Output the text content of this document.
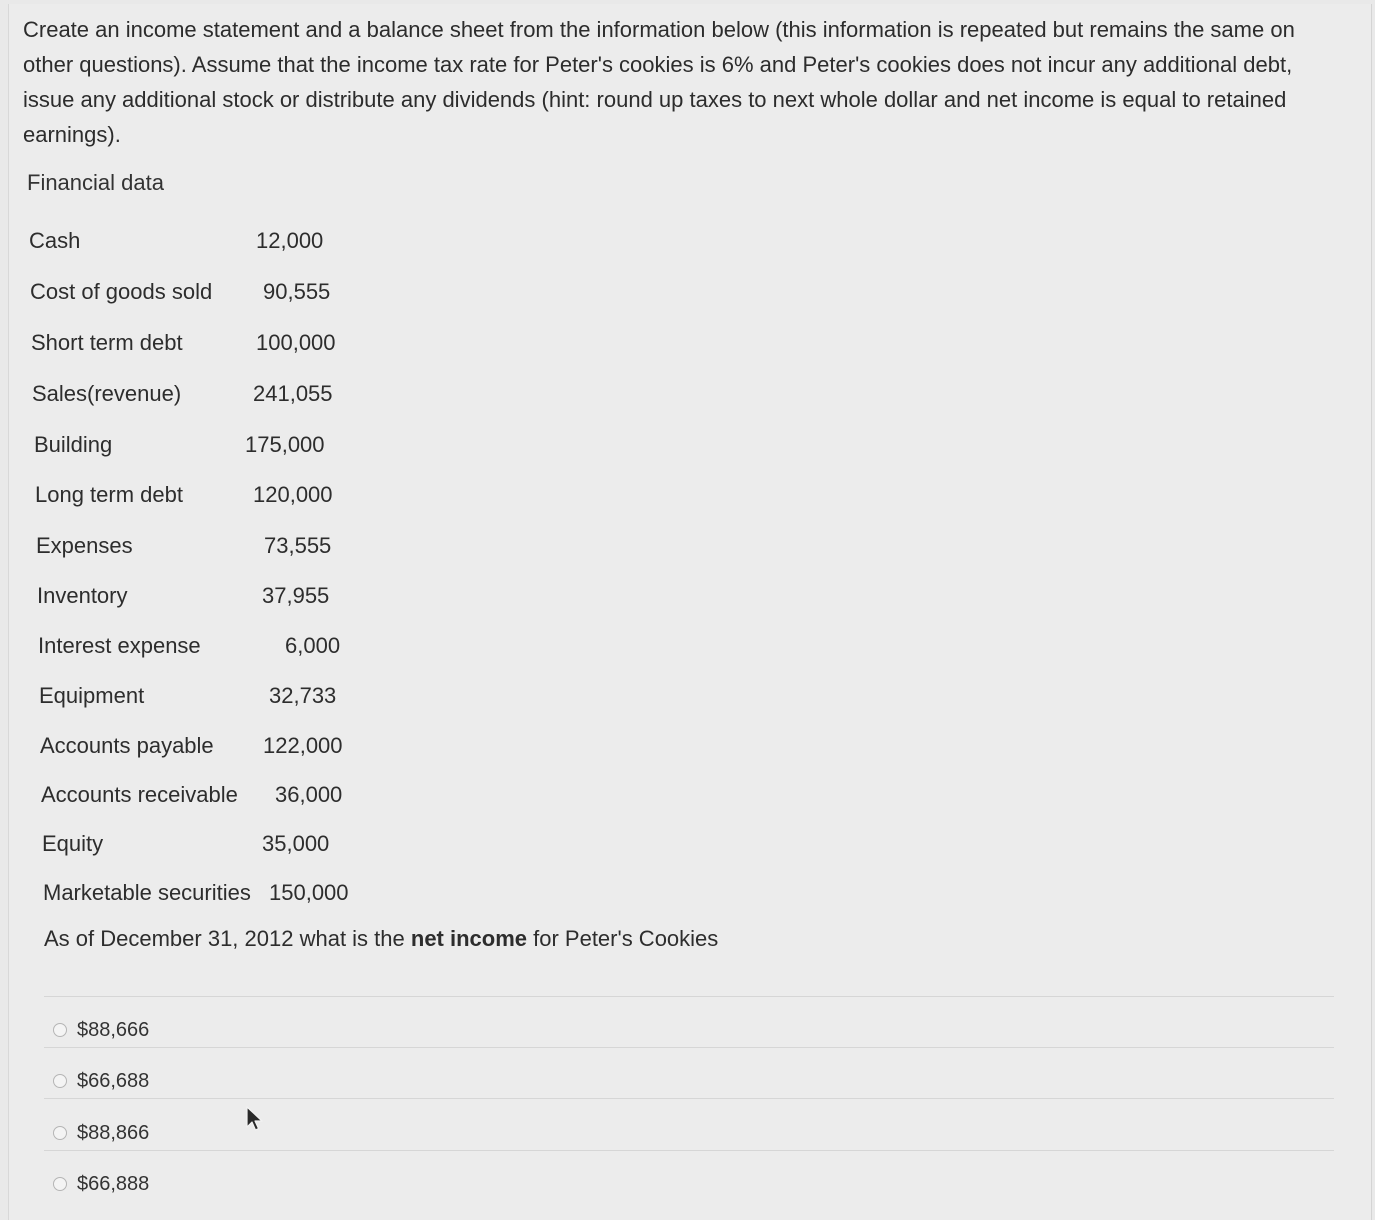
Create an income statement and a balance sheet from the information below (this information is repeated but remains the same on other questions). Assume that the income tax rate for Peter's cookies is 6% and Peter's cookies does not incur any additional debt, issue any additional stock or distribute any dividends (hint: round up taxes to next whole dollar and net income is equal to retained earnings).
Financial data
Cash	12,000
Cost of goods sold 90,555
Short term debt	100,000
Sales(revenue)	241,055
Building	175,000
Long term debt	120,000
Expenses	73,555
Inventory	37,955
Interest expense	6,000
Equipment	32,733
Accounts payable 122,000
Accounts receivable 36,000
Equity	35,000
Marketable securities 150,000
As of December 31, 2012 what is the net income for Peter's Cookies
$88,666
$66,688
$88,866
$66,888
